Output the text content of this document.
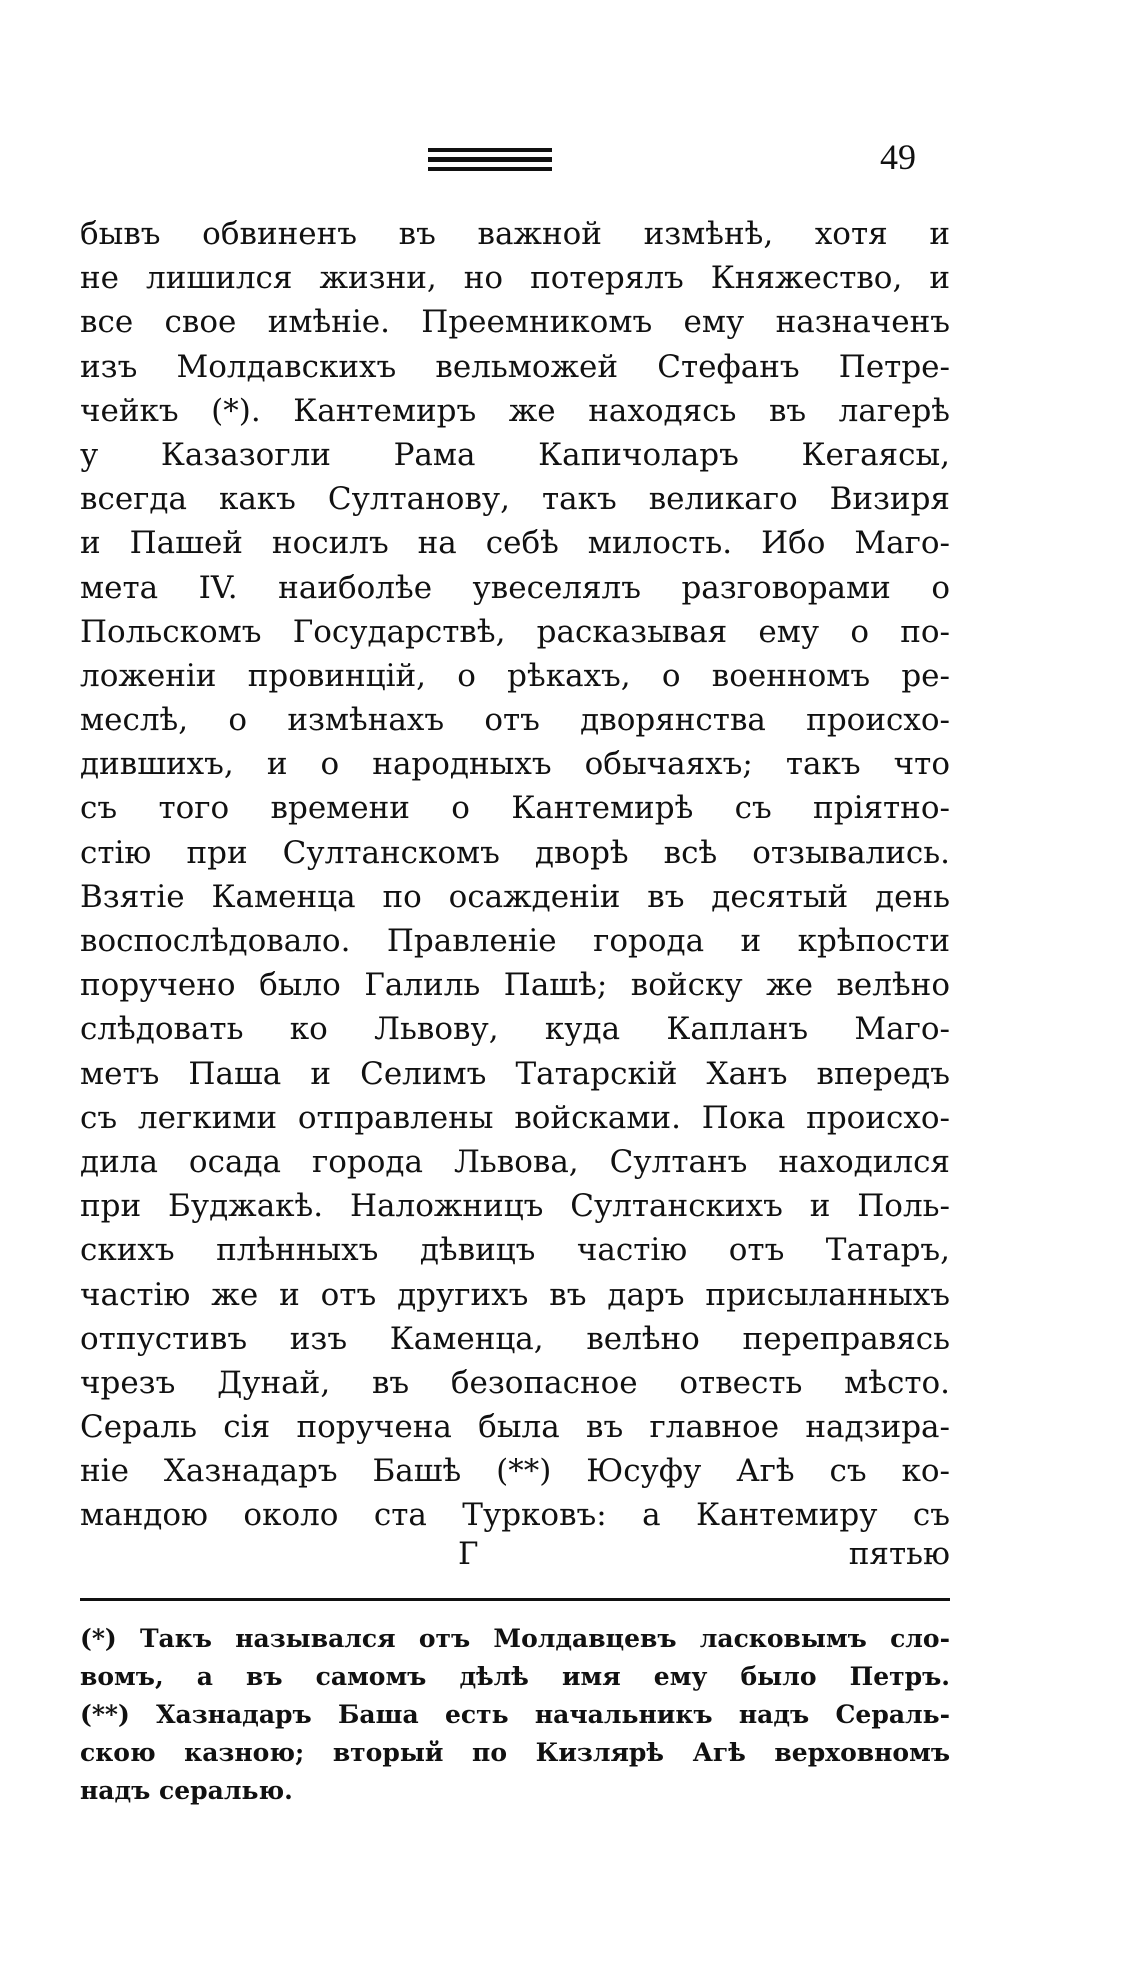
49
бывъ обвиненъ въ важной измѣнѣ, хотя и
не лишился жизни, но потерялъ Княжество, и
все свое имѣніе. Преемникомъ ему назначенъ
изъ Молдавскихъ вельможей Стефанъ Петре-
чейкъ (*). Кантемиръ же находясь въ лагерѣ
у Казазогли Рама Капичоларъ Кегаясы,
всегда какъ Султанову, такъ великаго Визиря
и Пашей носилъ на себѣ милость. Ибо Маго-
мета IV. наиболѣе увеселялъ разговорами о
Польскомъ Государствѣ, расказывая ему о по-
ложеніи провинцій, о рѣкахъ, о военномъ ре-
меслѣ, о измѣнахъ отъ дворянства происхо-
дившихъ, и о народныхъ обычаяхъ; такъ что
съ того времени о Кантемирѣ съ пріятно-
стію при Султанскомъ дворѣ всѣ отзывались.
Взятіе Каменца по осажденіи въ десятый день
воспослѣдовало. Правленіе города и крѣпости
поручено было Галиль Пашѣ; войску же велѣно
слѣдовать ко Львову, куда Капланъ Маго-
метъ Паша и Селимъ Татарскій Ханъ впередъ
съ легкими отправлены войсками. Пока происхо-
дила осада города Львова, Султанъ находился
при Буджакѣ. Наложницъ Султанскихъ и Поль-
скихъ плѣнныхъ дѣвицъ частію отъ Татаръ,
частію же и отъ другихъ въ даръ присыланныхъ
отпустивъ изъ Каменца, велѣно переправясь
чрезъ Дунай, въ безопасное отвесть мѣсто.
Сераль сія поручена была въ главное надзира-
ніе Хазнадаръ Башѣ (**) Юсуфу Агѣ съ ко-
мандою около ста Турковъ: а Кантемиру съ
Г	пятью
(*) Такъ назывался отъ Молдавцевъ ласковымъ сло-
вомъ, а въ самомъ дѣлѣ имя ему было Петръ.
(**) Хазнадаръ Баша есть начальникъ надъ Сераль-
скою казною; вторый по Кизлярѣ Агѣ верховномъ
надъ сералью.
